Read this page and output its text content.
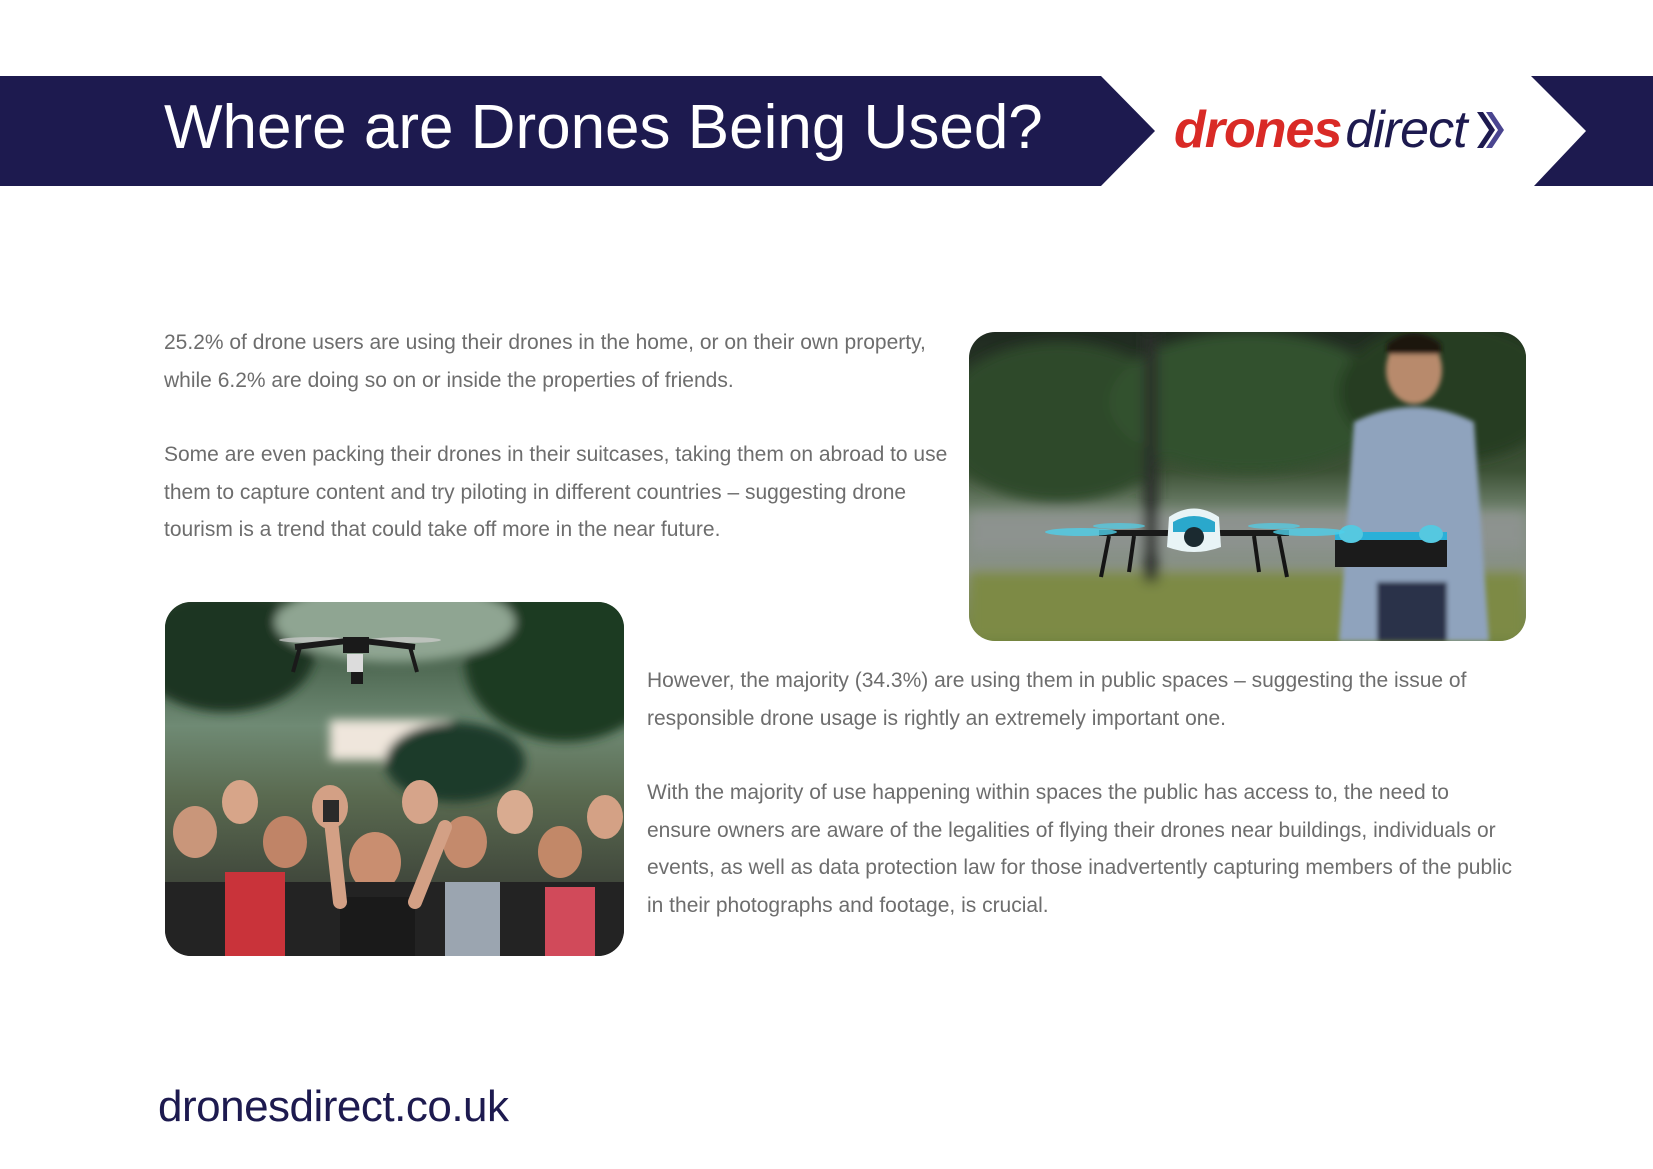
Where are Drones Being Used?	drones direct

25.2% of drone users are using their drones in the home, or on their own property, while 6.2% are doing so on or inside the properties of friends.

Some are even packing their drones in their suitcases, taking them on abroad to use them to capture content and try piloting in different countries – suggesting drone tourism is a trend that could take off more in the near future.

However, the majority (34.3%) are using them in public spaces – suggesting the issue of responsible drone usage is rightly an extremely important one.

With the majority of use happening within spaces the public has access to, the need to ensure owners are aware of the legalities of flying their drones near buildings, individuals or events, as well as data protection law for those inadvertently capturing members of the public in their photographs and footage, is crucial.

dronesdirect.co.uk
